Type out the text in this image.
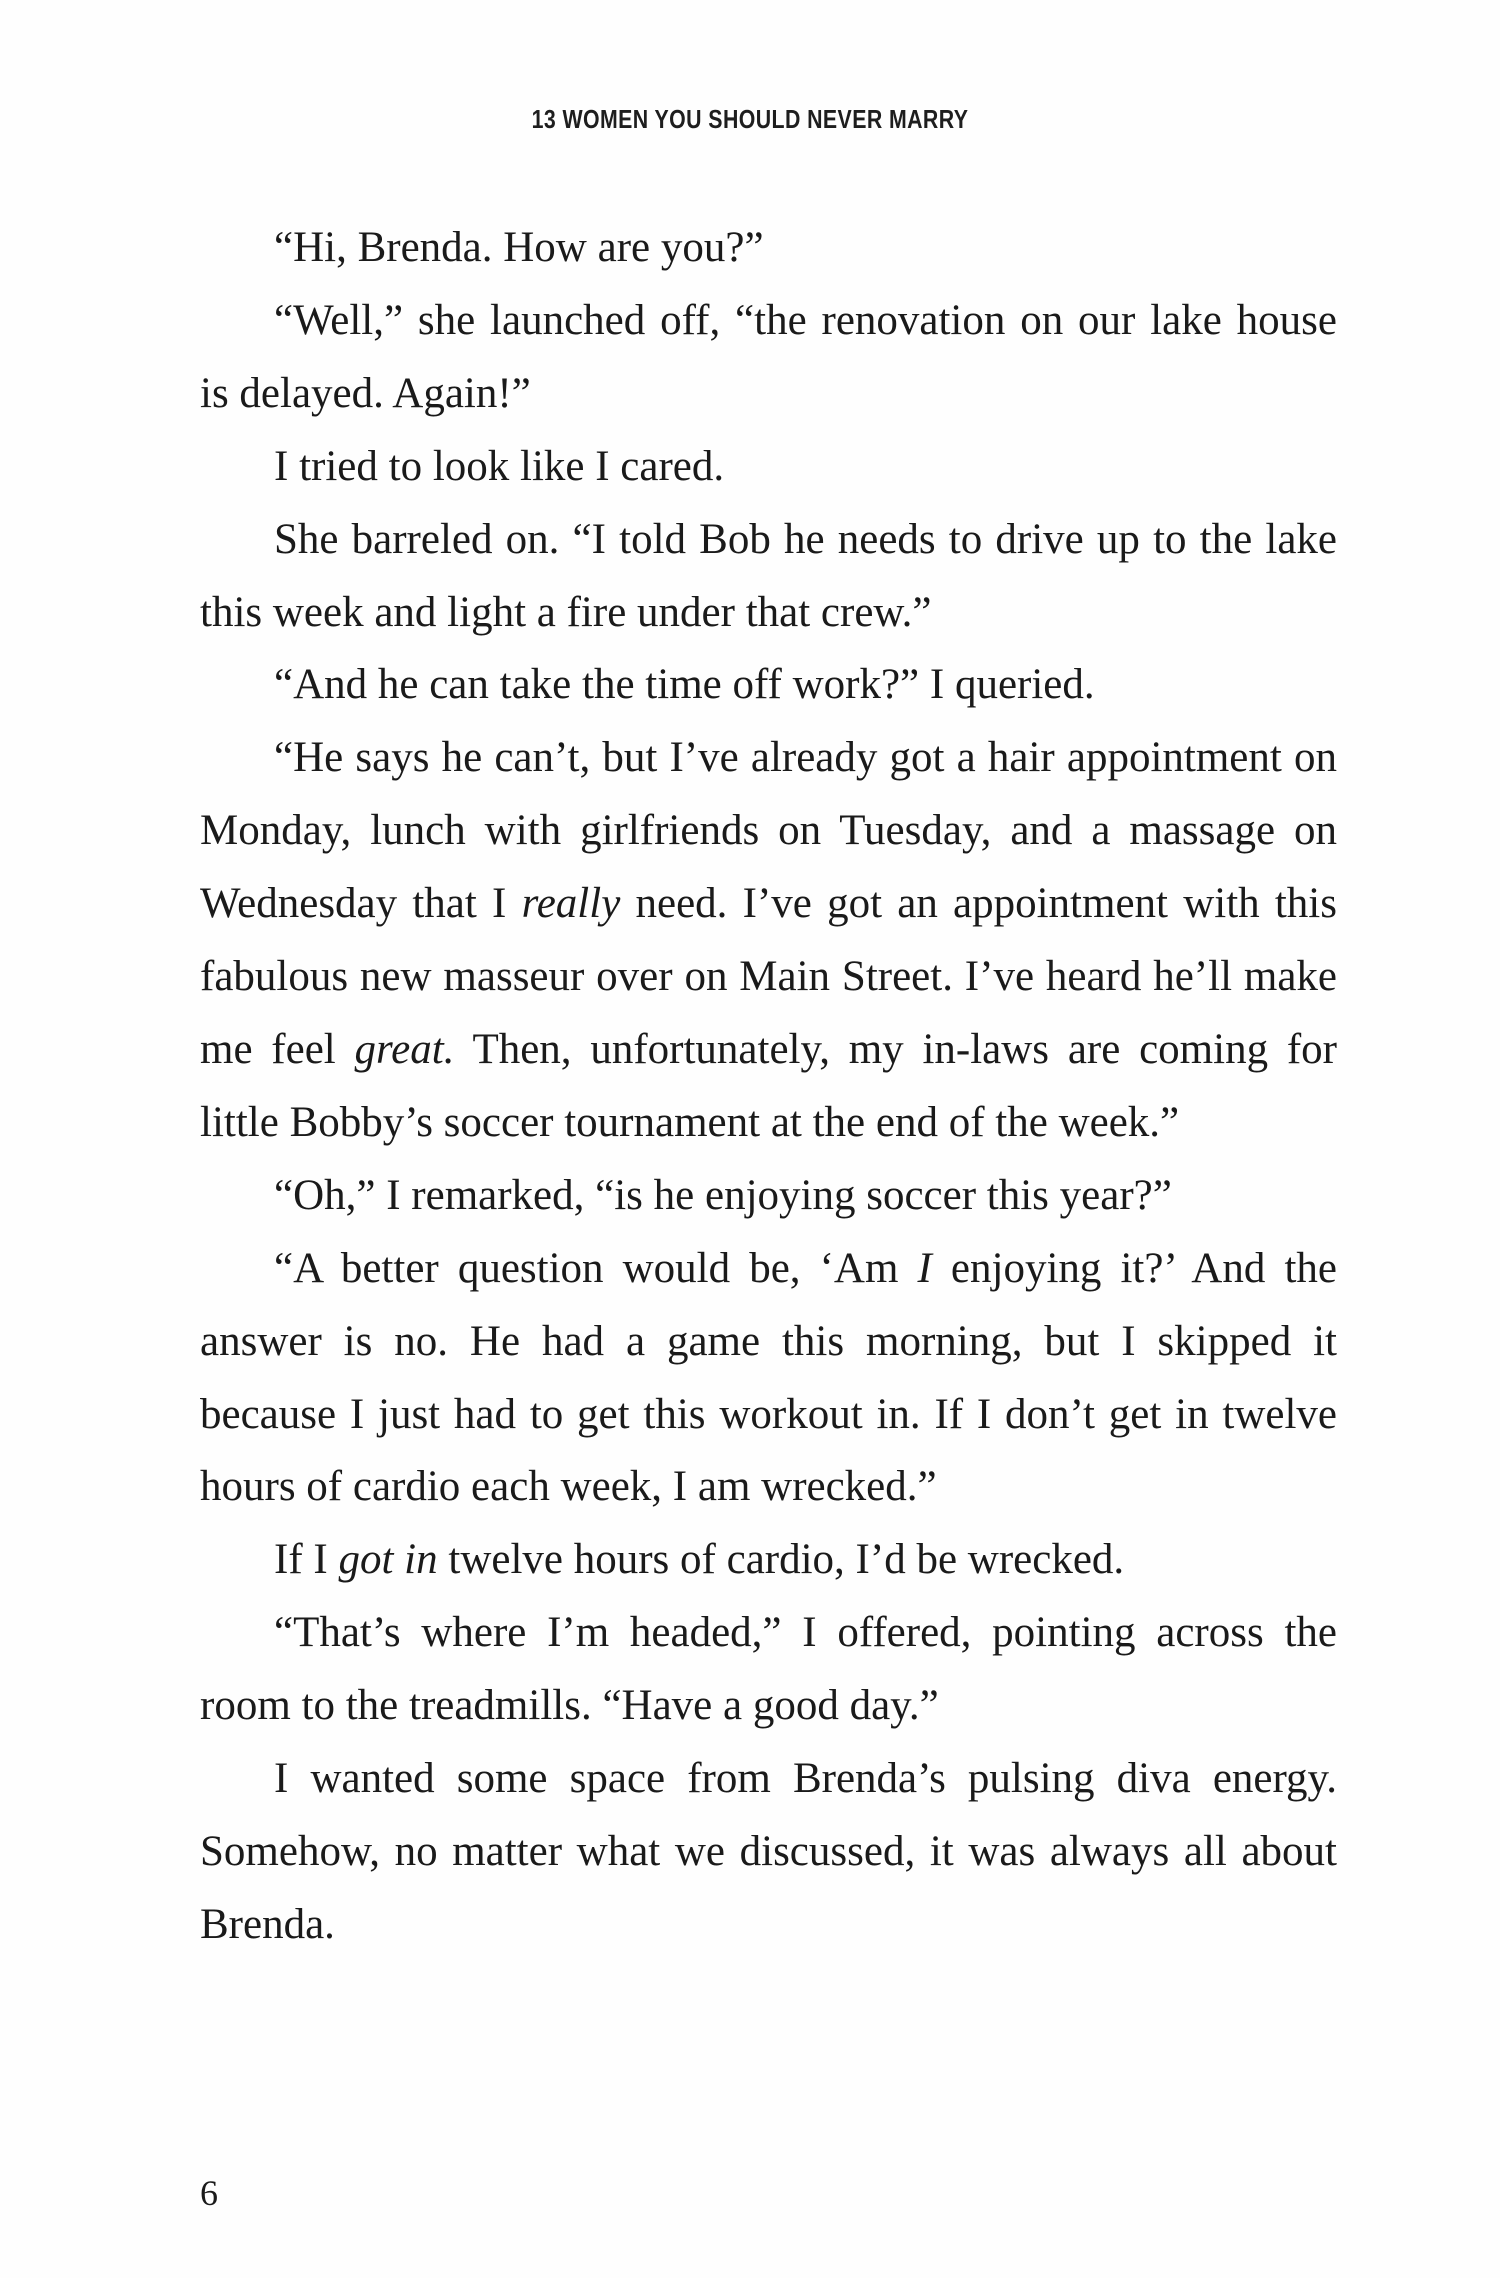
13 WOMEN YOU SHOULD NEVER MARRY

“Hi, Brenda. How are you?”

“Well,” she launched off, “the renovation on our lake house is delayed. Again!”

I tried to look like I cared.

She barreled on. “I told Bob he needs to drive up to the lake this week and light a fire under that crew.”

“And he can take the time off work?” I queried.

“He says he can’t, but I’ve already got a hair appointment on Monday, lunch with girlfriends on Tuesday, and a massage on Wednesday that I really need. I’ve got an appointment with this fabulous new masseur over on Main Street. I’ve heard he’ll make me feel great. Then, unfortunately, my in-laws are coming for little Bobby’s soccer tournament at the end of the week.”

“Oh,” I remarked, “is he enjoying soccer this year?”

“A better question would be, ‘Am I enjoying it?’ And the answer is no. He had a game this morning, but I skipped it because I just had to get this workout in. If I don’t get in twelve hours of cardio each week, I am wrecked.”

If I got in twelve hours of cardio, I’d be wrecked.

“That’s where I’m headed,” I offered, pointing across the room to the treadmills. “Have a good day.”

I wanted some space from Brenda’s pulsing diva energy. Somehow, no matter what we discussed, it was always all about Brenda.

6
